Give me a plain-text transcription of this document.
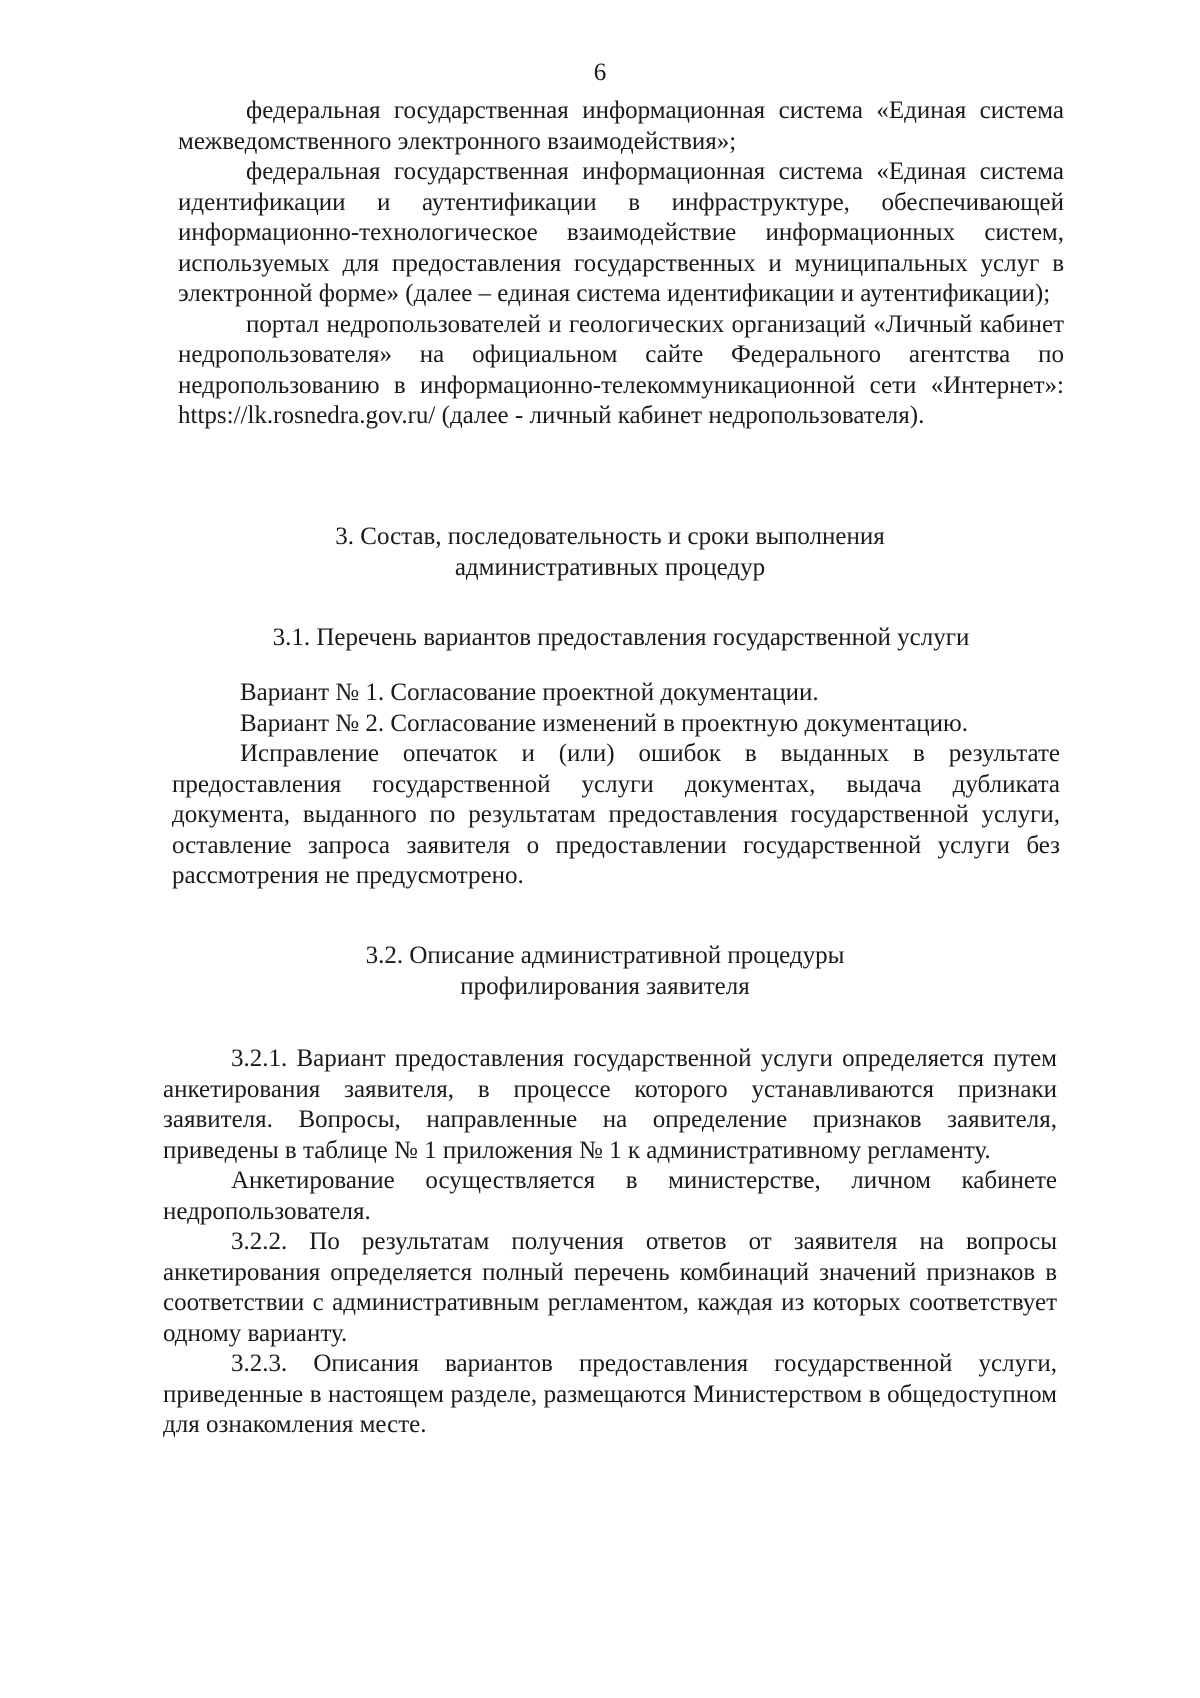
6

федеральная государственная информационная система «Единая система межведомственного электронного взаимодействия»;

федеральная государственная информационная система «Единая система идентификации и аутентификации в инфраструктуре, обеспечивающей информационно-технологическое взаимодействие информационных систем, используемых для предоставления государственных и муниципальных услуг в электронной форме» (далее – единая система идентификации и аутентификации);

портал недропользователей и геологических организаций «Личный кабинет недропользователя» на официальном сайте Федерального агентства по недропользованию в информационно-телекоммуникационной сети «Интернет»: https://lk.rosnedra.gov.ru/ (далее - личный кабинет недропользователя).

3. Состав, последовательность и сроки выполнения
административных процедур
3.1. Перечень вариантов предоставления государственной услуги

Вариант № 1. Согласование проектной документации.

Вариант № 2. Согласование изменений в проектную документацию.

Исправление опечаток и (или) ошибок в выданных в результате предоставления государственной услуги документах, выдача дубликата документа, выданного по результатам предоставления государственной услуги, оставление запроса заявителя о предоставлении государственной услуги без рассмотрения не предусмотрено.

3.2. Описание административной процедуры
профилирования заявителя

3.2.1. Вариант предоставления государственной услуги определяется путем анкетирования заявителя, в процессе которого устанавливаются признаки заявителя. Вопросы, направленные на определение признаков заявителя, приведены в таблице № 1 приложения № 1 к административному регламенту.

Анкетирование осуществляется в министерстве, личном кабинете недропользователя.

3.2.2. По результатам получения ответов от заявителя на вопросы анкетирования определяется полный перечень комбинаций значений признаков в соответствии с административным регламентом, каждая из которых соответствует одному варианту.

3.2.3. Описания вариантов предоставления государственной услуги, приведенные в настоящем разделе, размещаются Министерством в общедоступном для ознакомления месте.
